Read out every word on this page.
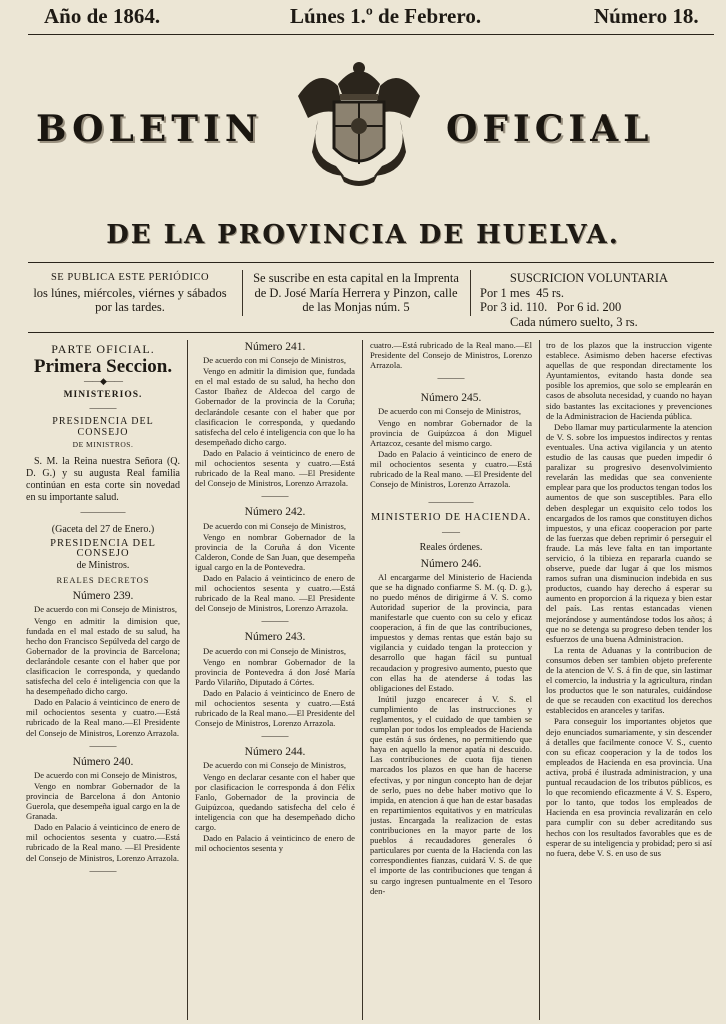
Año de 1864.	Lúnes 1.º de Febrero.	Número 18.
BOLETIN	OFICIAL
DE LA PROVINCIA DE HUELVA.
SE PUBLICA ESTE PERIÓDICO
los lúnes, miércoles, viérnes y sábados
por las tardes.
Se suscribe en esta capital en la Imprenta
de D. José María Herrera y Pinzon, calle
de las Monjas núm. 5
SUSCRICION VOLUNTARIA
Por 1 mes 45 rs.
Por 3 id. 110. Por 6 id. 200
Cada número suelto, 3 rs.

PARTE OFICIAL.

Primera Seccion.

——◆——

MINISTERIOS.

———

PRESIDENCIA DEL CONSEJO

DE MINISTROS.

S. M. la Reina nuestra Señora (Q. D. G.) y su augusta Real familia continúan en esta corte sin novedad en su importante salud.

—————

(Gaceta del 27 de Enero.)

PRESIDENCIA DEL CONSEJO

de Ministros.

REALES DECRETOS

Número 239.

De acuerdo con mi Consejo de Ministros,

Vengo en admitir la dimision que, fundada en el mal estado de su salud, ha hecho don Francisco Sepúlveda del cargo de Gobernador de la provincia de Barcelona; declarándole cesante con el haber que por clasificacion le corresponda, y quedando satisfecha del celo é inteligencia con que la ha desempeñado dicho cargo.

Dado en Palacio á veinticinco de enero de mil ochocientos sesenta y cuatro.—Está rubricado de la Real mano.—El Presidente del Consejo de Ministros, Lorenzo Arrazola.

———

Número 240.

De acuerdo con mi Consejo de Ministros,

Vengo en nombrar Gobernador de la provincia de Barcelona á don Antonio Guerola, que desempeña igual cargo en la de Granada.

Dado en Palacio á veinticinco de enero de mil ochocientos sesenta y cuatro.—Está rubricado de la Real mano. —El Presidente del Consejo de Ministros, Lorenzo Arrazola.

———

Número 241.

De acuerdo con mi Consejo de Ministros,

Vengo en admitir la dimision que, fundada en el mal estado de su salud, ha hecho don Castor Ibañez de Aldecoa del cargo de Gobernador de la provincia de la Coruña; declarándole cesante con el haber que por clasificacion le corresponda, y quedando satisfecha del celo é inteligencia con que lo ha desempeñado dicho cargo.

Dado en Palacio á veinticinco de enero de mil ochocientos sesenta y cuatro.—Está rubricado de la Real mano. —El Presidente del Consejo de Ministros, Lorenzo Arrazola.

———

Número 242.

De acuerdo con mi Consejo de Ministros,

Vengo en nombrar Gobernador de la provincia de la Coruña á don Vicente Calderon, Conde de San Juan, que desempeña igual cargo en la de Pontevedra.

Dado en Palacio á veinticinco de enero de mil ochocientos sesenta y cuatro.—Está rubricado de la Real mano. —El Presidente del Consejo de Ministros, Lorenzo Arrazola.

———

Número 243.

De acuerdo con mi Consejo de Ministros,

Vengo en nombrar Gobernador de la provincia de Pontevedra á don José María Pardo Vilariño, Diputado á Córtes.

Dado en Palacio á veinticinco de Enero de mil ochocientos sesenta y cuatro.—Está rubricado de la Real mano.—El Presidente del Consejo de Ministros, Lorenzo Arrazola.

———

Número 244.

De acuerdo con mi Consejo de Ministros,

Vengo en declarar cesante con el haber que por clasificacion le corresponda á don Félix Fanlo, Gobernador de la provincia de Guipúzcoa, quedando satisfecha del celo é inteligencia con que ha desempeñado dicho cargo.

Dado en Palacio á veinticinco de enero de mil ochocientos sesenta y

cuatro.—Está rubricado de la Real mano.—El Presidente del Consejo de Ministros, Lorenzo Arrazola.

———

Número 245.

De acuerdo con mi Consejo de Ministros,

Vengo en nombrar Gobernador de la provincia de Guipúzcoa á don Miguel Artazcoz, cesante del mismo cargo.

Dado en Palacio á veinticinco de enero de mil ochocientos sesenta y cuatro.—Está rubricado de la Real mano. —El Presidente del Consejo de Ministros, Lorenzo Arrazola.

—————

MINISTERIO DE HACIENDA.

——

Reales órdenes.

Número 246.

Al encargarme del Ministerio de Hacienda que se ha dignado confiarme S. M. (q. D. g.), no puedo ménos de dirigirme á V. S. como Autoridad superior de la provincia, para manifestarle que cuento con su celo y eficaz cooperacion, á fin de que las contribuciones, impuestos y demas rentas que están bajo su vigilancia y cuidado tengan la proteccion y desarrollo que hagan fácil su puntual recaudacion y progresivo aumento, puesto que con ellas ha de atenderse á todas las obligaciones del Estado.

Inútil juzgo encarecer á V. S. el cumplimiento de las instrucciones y reglamentos, y el cuidado de que tambien se cumplan por todos los empleados de Hacienda que están á sus órdenes, no permitiendo que haya en aquello la menor apatía ni descuido. Las contribuciones de cuota fija tienen marcados los plazos en que han de hacerse efectivas, y por ningun concepto han de dejar de serlo, pues no debe haber motivo que lo impida, en atencion á que han de estar basadas en repartimientos equitativos y en matrículas justas. Encargada la realizacion de estas contribuciones en la mayor parte de los pueblos á recaudadores generales ó particulares por cuenta de la Hacienda con las correspondientes fianzas, cuidará V. S. de que el importe de las contribuciones que tengan á su cargo ingresen puntualmente en el Tesoro den-

tro de los plazos que la instruccion vigente establece. Asimismo deben hacerse efectivas aquellas de que respondan directamente los Ayuntamientos, evitando hasta donde sea posible los apremios, que solo se emplearán en casos de absoluta necesidad, y cuando no hayan sido bastantes las excitaciones y prevenciones de la Administracion de Hacienda pública.

Debo llamar muy particularmente la atencion de V. S. sobre los impuestos indirectos y rentas eventuales. Una activa vigilancia y un atento estudio de las causas que pueden impedir ó paralizar su progresivo desenvolvimiento revelarán las medidas que sea conveniente emplear para que los productos tengan todos los aumentos de que son susceptibles. Para ello deben desplegar un exquisito celo todos los encargados de los ramos que constituyen dichos impuestos, y una eficaz cooperacion por parte de las fuerzas que deben reprimir ó perseguir el fraude. La más leve falta en tan importante servicio, ó la tibieza en repararla cuando se observe, puede dar lugar á que los mismos ramos sufran una disminucion indebida en sus productos, cuando hay derecho á esperar su aumento en proporcion á la riqueza y bien estar del país. Las rentas estancadas vienen mejorándose y aumentándose todos los años; á que no se detenga su progreso deben tender los esfuerzos de una buena Administracion.

La renta de Aduanas y la contribucion de consumos deben ser tambien objeto preferente de la atencion de V. S. á fin de que, sin lastimar el comercio, la industria y la agricultura, rindan los productos que le son naturales, cuidándose de que se recauden con exactitud los derechos establecidos en aranceles y tarifas.

Para conseguir los importantes objetos que dejo enunciados sumariamente, y sin descender á detalles que facilmente conoce V. S., cuento con su eficaz cooperacion y la de todos los empleados de Hacienda en esa provincia. Una activa, probá é ilustrada administracion, y una puntual recaudacion de los tributos públicos, es lo que recomiendo eficazmente á V. S. Espero, por lo tanto, que todos los empleados de Hacienda en esa provincia revalizarán en celo para cumplir con su deber acreditando sus hechos con los resultados favorables que es de esperar de su inteligencia y probidad; pero si así no fuera, debe V. S. en uso de sus
